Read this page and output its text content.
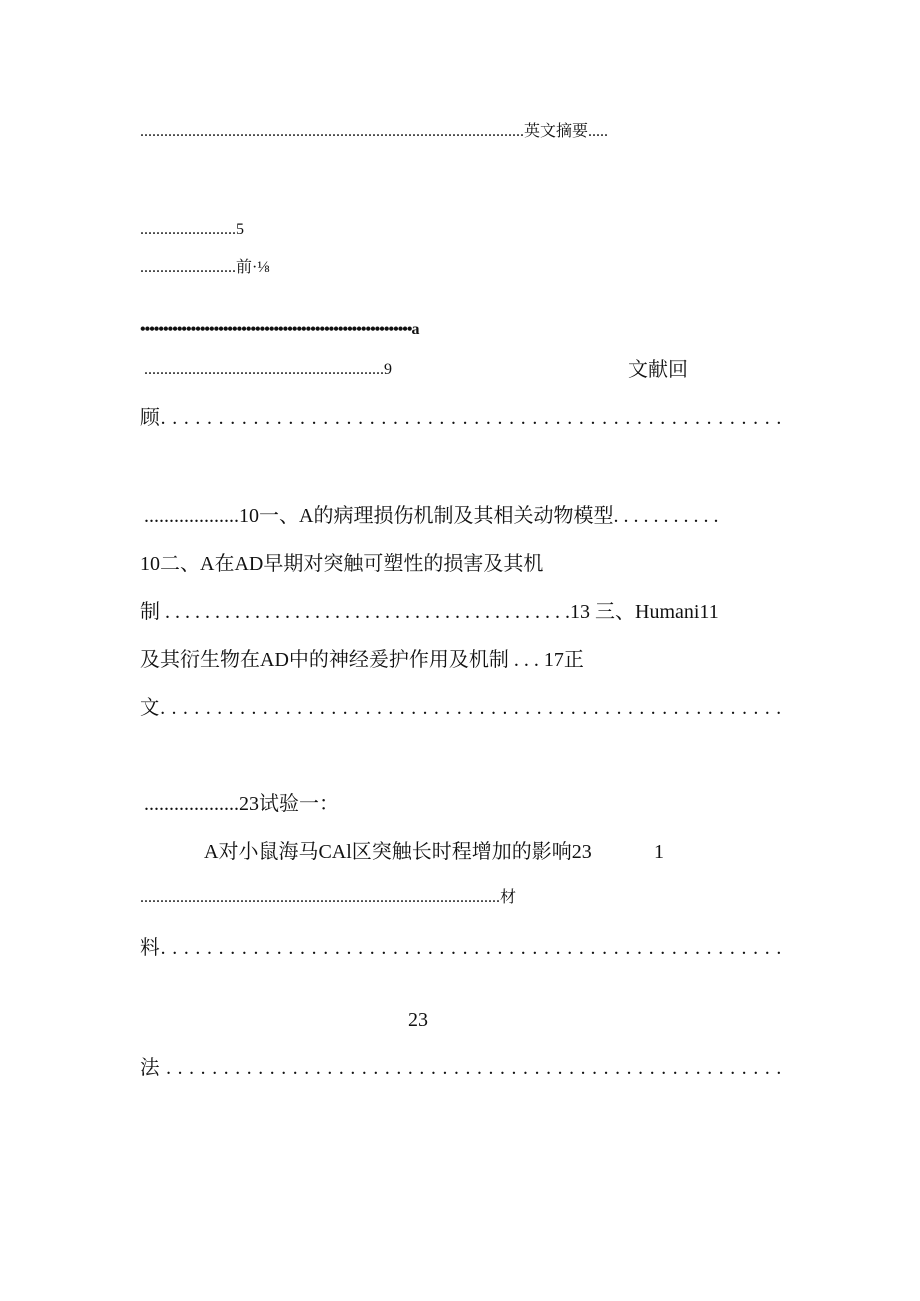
................................................................................................英文摘要.....
........................5
........................前·⅛
•••••••••••••••••••••••••••••••••••••••••••••••••••••••••••a
............................................................9	文献回
顾. . . . . . . . . . . . . . . . . . . . . . . . . . . . . . . . . . . . . . . . . . . . . . . . . . . . . .
...................10一、A的病理损伤机制及其相关动物模型. . . . . . . . . . .
10二、A在AD早期对突触可塑性的损害及其机
制 . . . . . . . . . . . . . . . . . . . . . . . . . . . . . . . . . . . . . . . . .13 三、Humani11
及其衍生物在AD中的神经爰护作用及机制 . . . 17正
文. . . . . . . . . . . . . . . . . . . . . . . . . . . . . . . . . . . . . . . . . . . . . . . . . . . . . . .
...................23试验一：
A对小鼠海马CAl区突触长时程增加的影响23	1
..........................................................................................材
料. . . . . . . . . . . . . . . . . . . . . . . . . . . . . . . . . . . . . . . . . . . . . . . . . . . . . .
23
法 . . . . . . . . . . . . . . . . . . . . . . . . . . . . . . . . . . . . . . . . . . . . . . . . . . . . . .
